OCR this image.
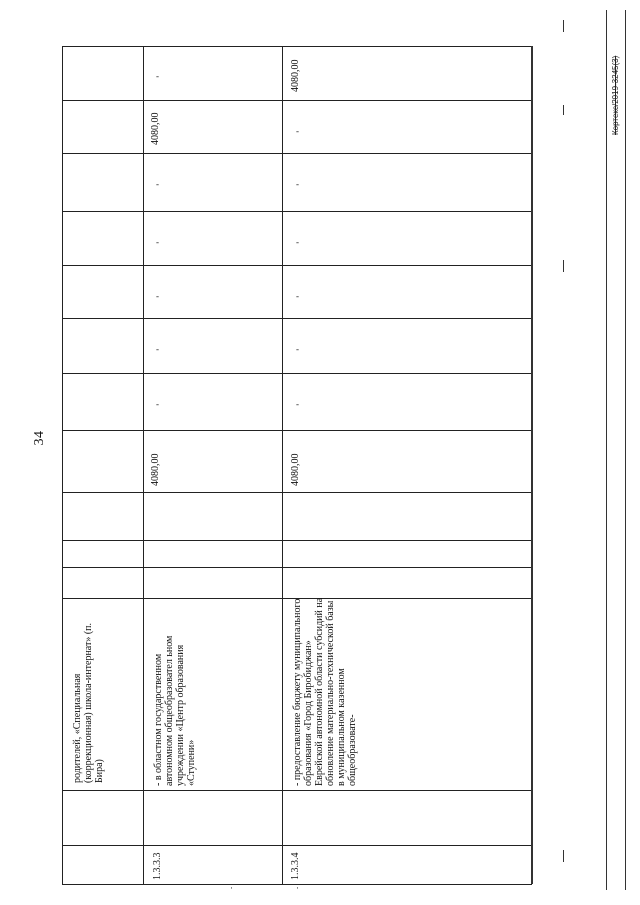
34
Кортекс/2019-3245(3)
родителей, «Специальная (коррекционная) школа-интернат» (п. Бира)
4080,00
-
1.3.3.3
- в областном государственном автономном общеобразовател ьном учреждении «Центр образования «Ступени»
4080,00
-
-
-
-
-
1.3.3.4
- предоставление бюджету муниципального образования «Город Биробиджан» Еврейской автономной области субсидий на обновление материально-технической базы в муниципальном казенном общеобразовате-
4080,00
-
-
-
-
-
-
4080,00
·
·
